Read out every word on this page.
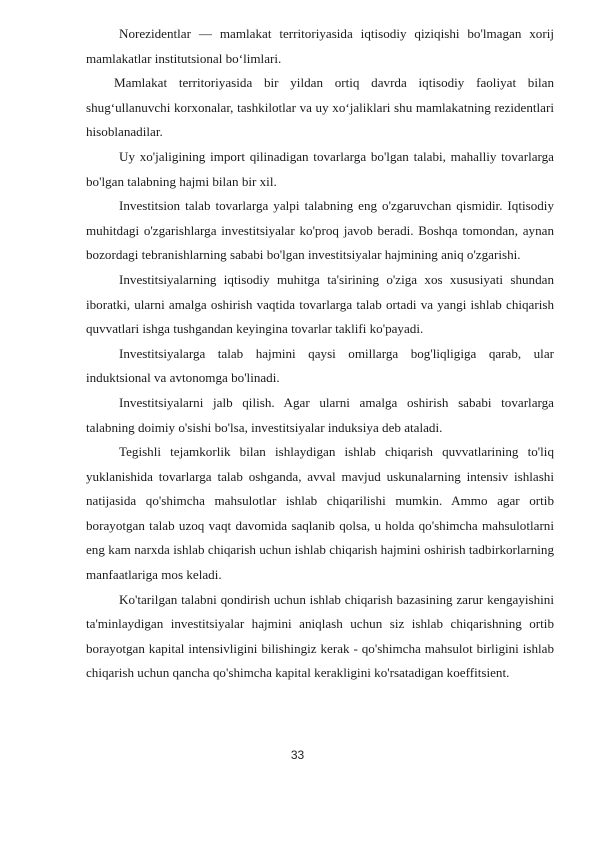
Norezidentlar — mamlakat territoriyasida iqtisodiy qiziqishi bo'lmagan xorij mamlakatlar institutsional bo‘limlari.

Mamlakat territoriyasida bir yildan ortiq davrda iqtisodiy faoliyat bilan shug‘ullanuvchi korxonalar, tashkilotlar va uy xo‘jaliklari shu mamlakatning rezidentlari hisoblanadilar.

Uy xo'jaligining import qilinadigan tovarlarga bo'lgan talabi, mahalliy tovarlarga bo'lgan talabning hajmi bilan bir xil.

Investitsion talab tovarlarga yalpi talabning eng o'zgaruvchan qismidir. Iqtisodiy muhitdagi o'zgarishlarga investitsiyalar ko'proq javob beradi. Boshqa tomondan, aynan bozordagi tebranishlarning sababi bo'lgan investitsiyalar hajmining aniq o'zgarishi.

Investitsiyalarning iqtisodiy muhitga ta'sirining o'ziga xos xususiyati shundan iboratki, ularni amalga oshirish vaqtida tovarlarga talab ortadi va yangi ishlab chiqarish quvvatlari ishga tushgandan keyingina tovarlar taklifi ko'payadi.

Investitsiyalarga talab hajmini qaysi omillarga bog'liqligiga qarab, ular induktsional va avtonomga bo'linadi.

Investitsiyalarni jalb qilish. Agar ularni amalga oshirish sababi tovarlarga talabning doimiy o'sishi bo'lsa, investitsiyalar induksiya deb ataladi.

Tegishli tejamkorlik bilan ishlaydigan ishlab chiqarish quvvatlarining to'liq yuklanishida tovarlarga talab oshganda, avval mavjud uskunalarning intensiv ishlashi natijasida qo'shimcha mahsulotlar ishlab chiqarilishi mumkin. Ammo agar ortib borayotgan talab uzoq vaqt davomida saqlanib qolsa, u holda qo'shimcha mahsulotlarni eng kam narxda ishlab chiqarish uchun ishlab chiqarish hajmini oshirish tadbirkorlarning manfaatlariga mos keladi.

Ko'tarilgan talabni qondirish uchun ishlab chiqarish bazasining zarur kengayishini ta'minlaydigan investitsiyalar hajmini aniqlash uchun siz ishlab chiqarishning ortib borayotgan kapital intensivligini bilishingiz kerak - qo'shimcha mahsulot birligini ishlab chiqarish uchun qancha qo'shimcha kapital kerakligini ko'rsatadigan koeffitsient.

33
